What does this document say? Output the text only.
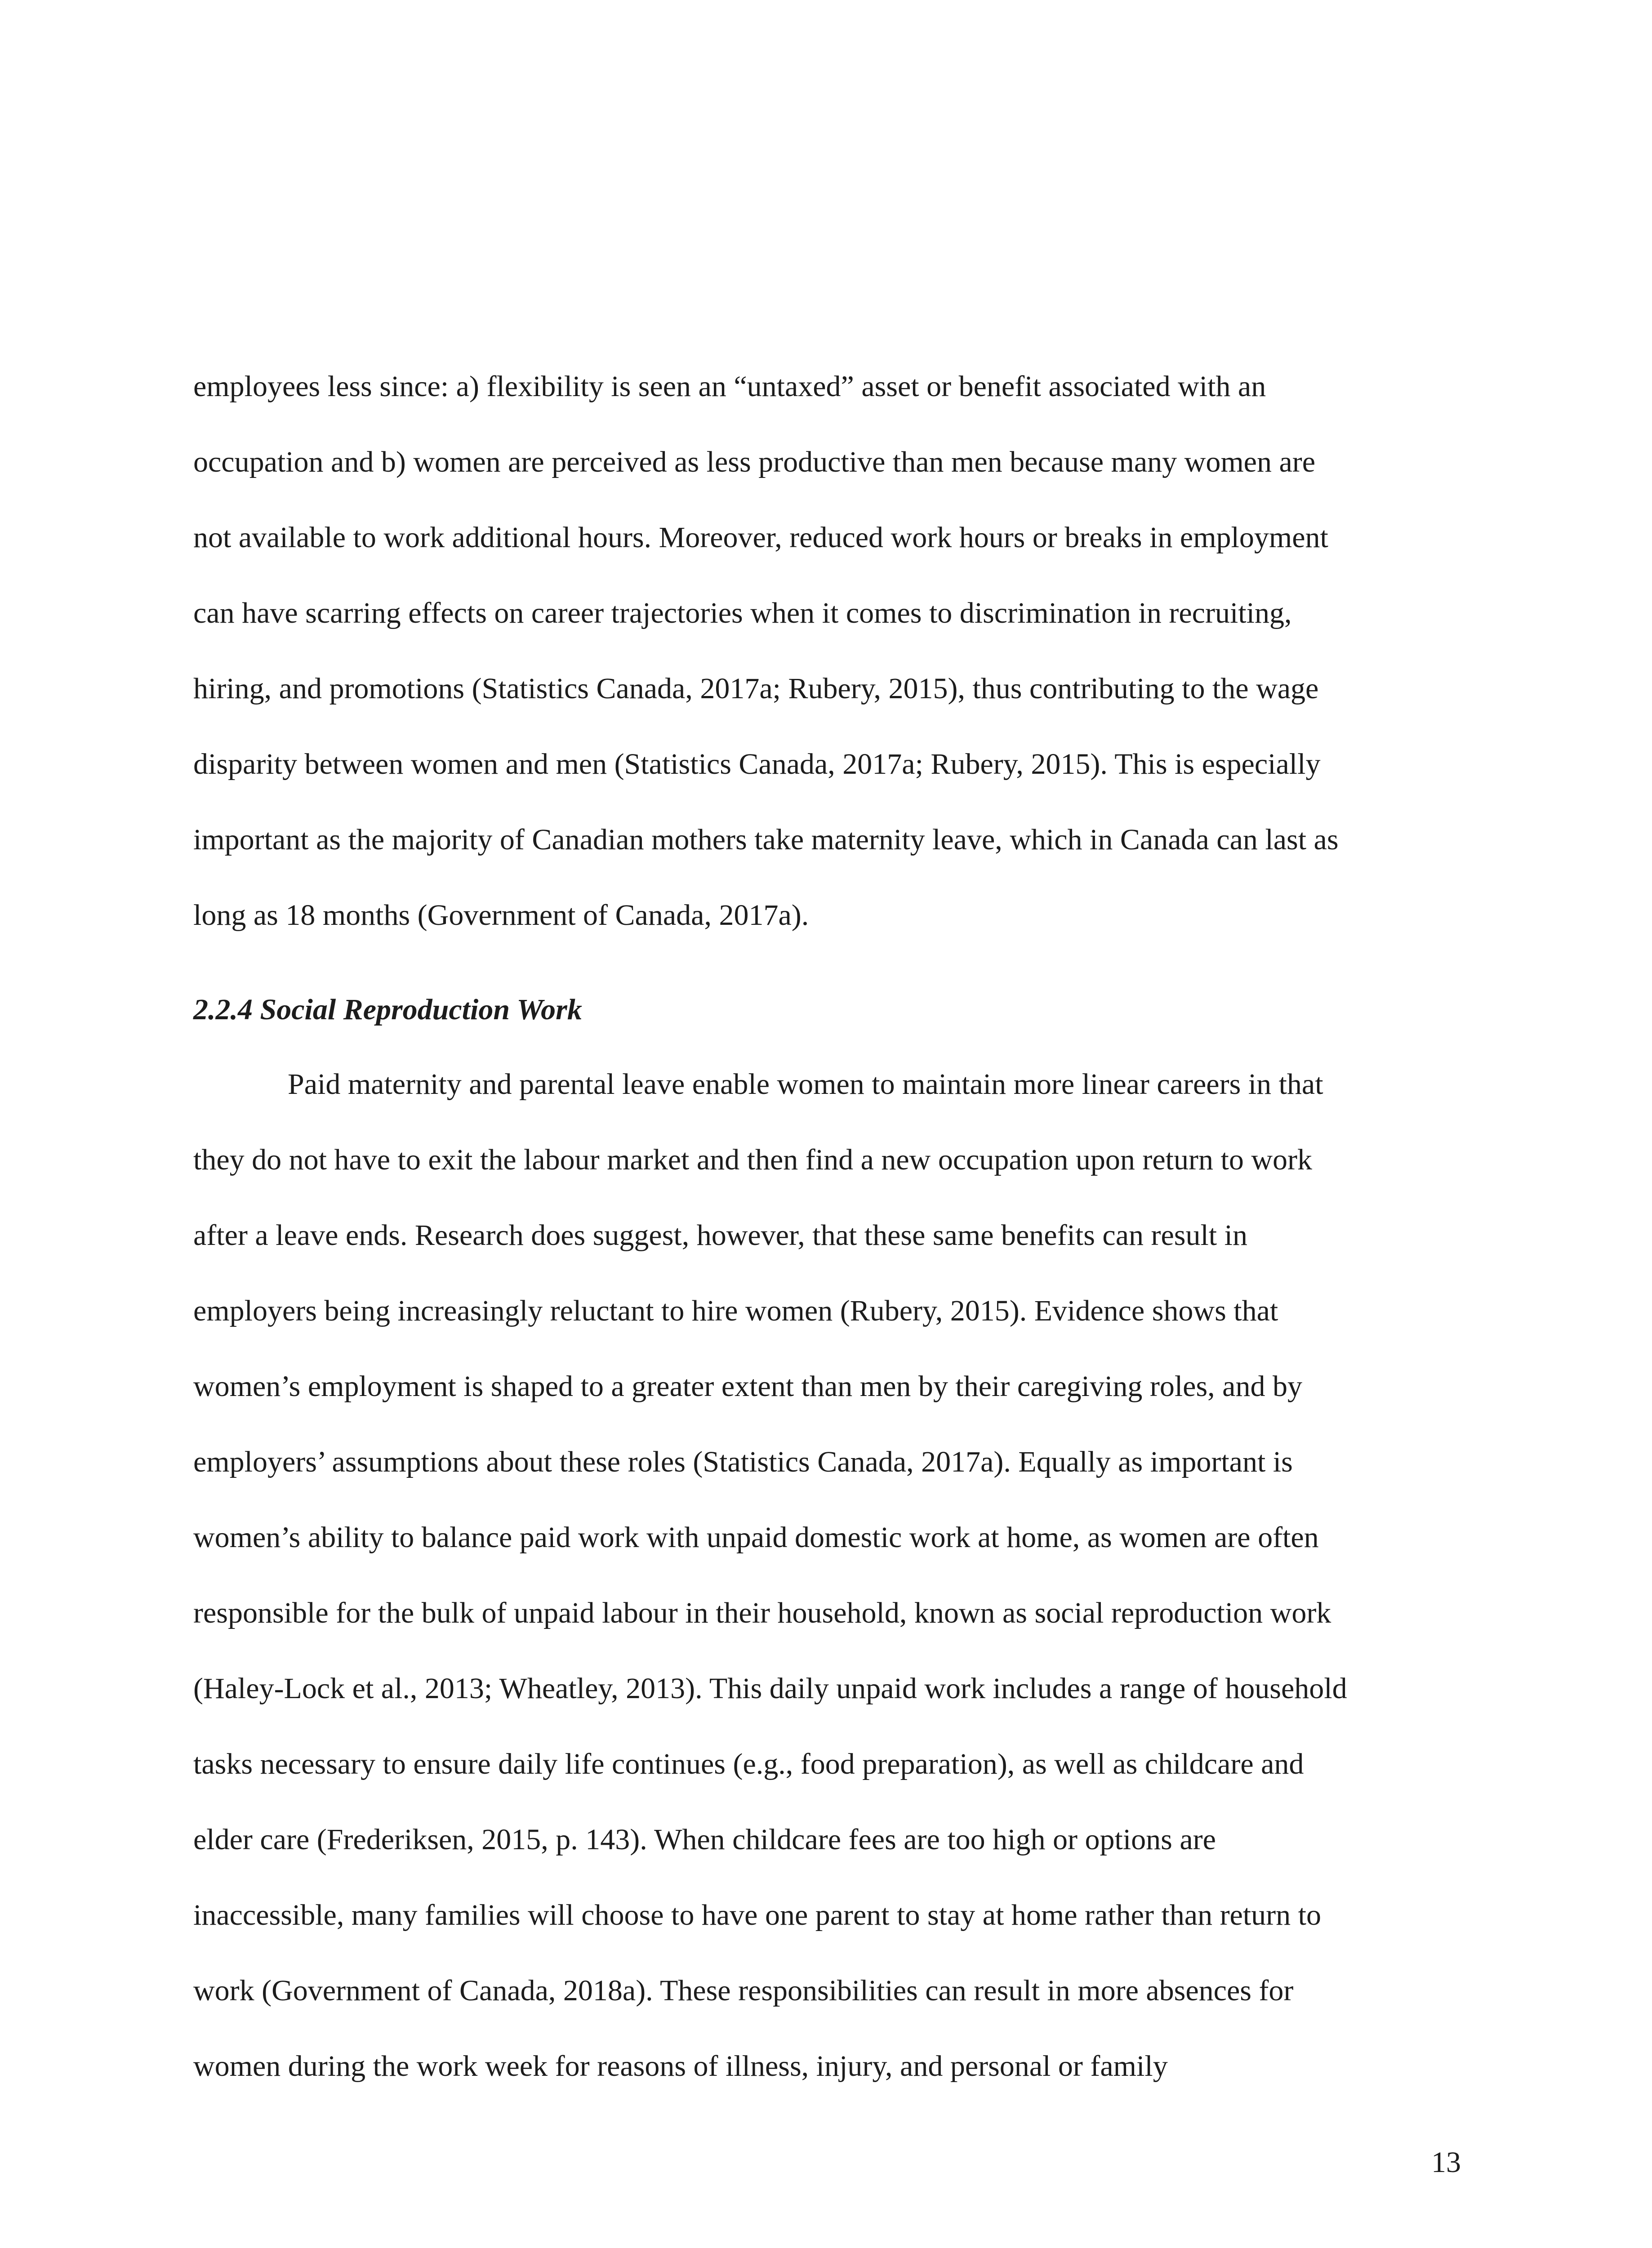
employees less since: a) flexibility is seen an “untaxed” asset or benefit associated with an
occupation and b) women are perceived as less productive than men because many women are
not available to work additional hours. Moreover, reduced work hours or breaks in employment
can have scarring effects on career trajectories when it comes to discrimination in recruiting,
hiring, and promotions (Statistics Canada, 2017a; Rubery, 2015), thus contributing to the wage
disparity between women and men (Statistics Canada, 2017a; Rubery, 2015). This is especially
important as the majority of Canadian mothers take maternity leave, which in Canada can last as
long as 18 months (Government of Canada, 2017a).
2.2.4 Social Reproduction Work
Paid maternity and parental leave enable women to maintain more linear careers in that
they do not have to exit the labour market and then find a new occupation upon return to work
after a leave ends. Research does suggest, however, that these same benefits can result in
employers being increasingly reluctant to hire women (Rubery, 2015). Evidence shows that
women’s employment is shaped to a greater extent than men by their caregiving roles, and by
employers’ assumptions about these roles (Statistics Canada, 2017a). Equally as important is
women’s ability to balance paid work with unpaid domestic work at home, as women are often
responsible for the bulk of unpaid labour in their household, known as social reproduction work
(Haley-Lock et al., 2013; Wheatley, 2013). This daily unpaid work includes a range of household
tasks necessary to ensure daily life continues (e.g., food preparation), as well as childcare and
elder care (Frederiksen, 2015, p. 143). When childcare fees are too high or options are
inaccessible, many families will choose to have one parent to stay at home rather than return to
work (Government of Canada, 2018a). These responsibilities can result in more absences for
women during the work week for reasons of illness, injury, and personal or family
13
